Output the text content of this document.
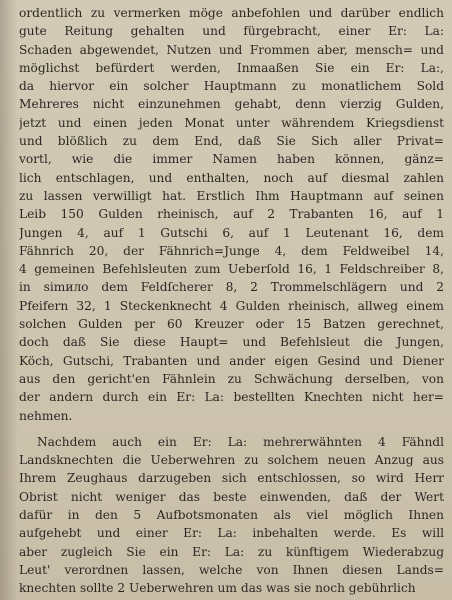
ordentlich zu vermerken möge anbefohlen und darüber endlich
gute Reitung gehalten und fürgebracht, einer Er: La:
Schaden abgewendet, Nutzen und Frommen aber, mensch= und
möglichst befürdert werden, Inmaaßen Sie ein Er: La:,
da hiervor ein solcher Hauptmann zu monatlichem Sold
Mehreres nicht einzunehmen gehabt, denn vierzig Gulden,
jetzt und einen jeden Monat unter währendem Kriegsdienst
und blößlich zu dem End, daß Sie Sich aller Privat=
vortl, wie die immer Namen haben können, gänz=
lich entschlagen, und enthalten, noch auf diesmal zahlen
zu lassen verwilligt hat. Erstlich Ihm Hauptmann auf seinen
Leib 150 Gulden rheinisch, auf 2 Trabanten 16, auf 1
Jungen 4, auf 1 Gutschi 6, auf 1 Leutenant 16, dem
Fähnrich 20, der Fähnrich=Junge 4, dem Feldweibel 14,
4 gemeinen Befehlsleuten zum Ueberſold 16, 1 Feldschreiber 8,
in simило dem Feldſcherer 8, 2 Trommelschlägern und 2
Pfeifern 32, 1 Steckenknecht 4 Gulden rheinisch, allweg einem
solchen Gulden per 60 Kreuzer oder 15 Batzen gerechnet,
doch daß Sie diese Haupt= und Befehlsleut die Jungen,
Köch, Gutschi, Trabanten und ander eigen Gesind und Diener
aus den gericht'en Fähnlein zu Schwächung derselben, von
der andern durch ein Er: La: bestellten Knechten nicht her=
nehmen.
Nachdem auch ein Er: La: mehrerwähnten 4 Fähndl
Landsknechten die Ueberwehren zu solchem neuen Anzug aus
Ihrem Zeughaus darzugeben sich entschlossen, so wird Herr
Obrist nicht weniger das beste einwenden, daß der Wert
dafür in den 5 Aufbotsmonaten als viel möglich Ihnen
aufgehebt und einer Er: La: inbehalten werde. Es will
aber zugleich Sie ein Er: La: zu künftigem Wiederabzug
Leut' verordnen lassen, welche von Ihnen diesen Lands=
knechten sollte 2 Ueberwehren um das was sie noch gebührlich
